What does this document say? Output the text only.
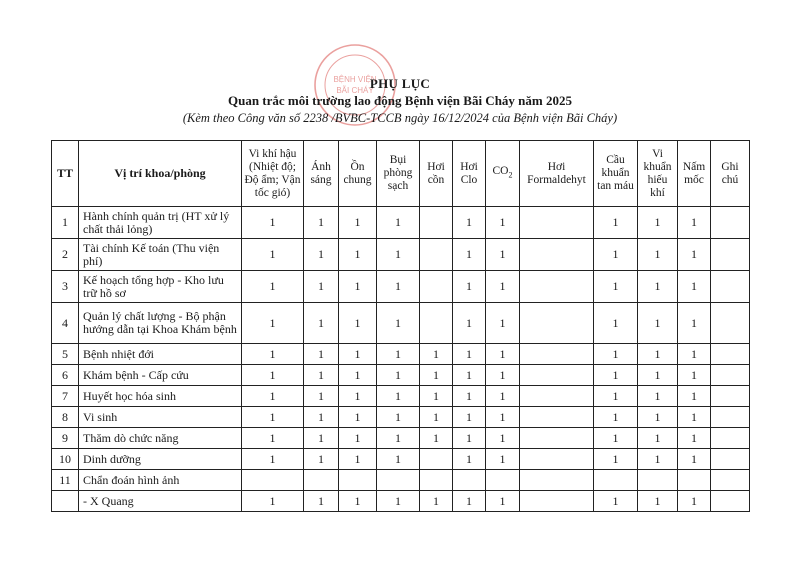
BỆNH VIỆN
BÃI CHÁY
PHỤ LỤC
Quan trắc môi trường lao động Bệnh viện Bãi Cháy năm 2025
(Kèm theo Công văn số 2238 /BVBC-TCCB ngày 16/12/2024 của Bệnh viện Bãi Cháy)
TT	Vị trí khoa/phòng	Vi khí hậu (Nhiệt độ; Độ ẩm; Vận tốc gió)	Ánh sáng	Ồn chung	Bụi phòng sạch	Hơi cồn	Hơi Clo	$CO_2$	Hơi Formaldehyt	Cầu khuẩn tan máu	Vi khuẩn hiếu khí	Nấm mốc	Ghi chú
1	Hành chính quản trị (HT xử lý chất thải lỏng)	1	1	1	1		1	1		1	1	1	
2	Tài chính Kế toán (Thu viện phí)	1	1	1	1		1	1		1	1	1	
3	Kế hoạch tổng hợp - Kho lưu trữ hồ sơ	1	1	1	1		1	1		1	1	1	
4	Quản lý chất lượng - Bộ phận hướng dẫn tại Khoa Khám bệnh	1	1	1	1		1	1		1	1	1	
5	Bệnh nhiệt đới	1	1	1	1	1	1	1		1	1	1	
6	Khám bệnh - Cấp cứu	1	1	1	1	1	1	1		1	1	1	
7	Huyết học hóa sinh	1	1	1	1	1	1	1		1	1	1	
8	Vi sinh	1	1	1	1	1	1	1		1	1	1	
9	Thăm dò chức năng	1	1	1	1	1	1	1		1	1	1	
10	Dinh dưỡng	1	1	1	1		1	1		1	1	1	
11	Chẩn đoán hình ảnh												
	- X Quang	1	1	1	1	1	1	1		1	1	1	
